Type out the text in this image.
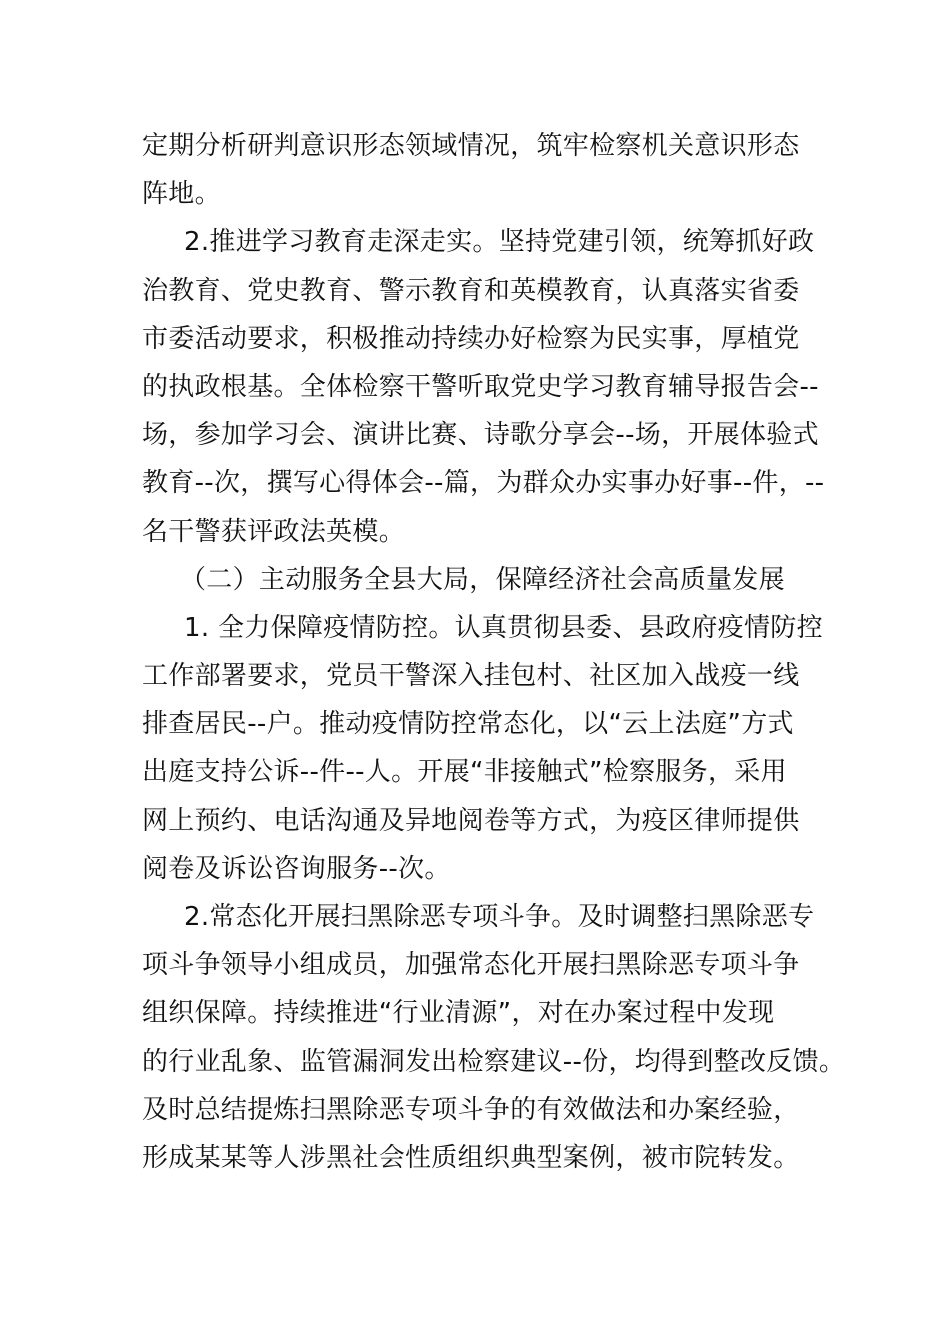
定期分析研判意识形态领域情况，筑牢检察机关意识形态
阵地。
2.推进学习教育走深走实。坚持党建引领，统筹抓好政
治教育、党史教育、警示教育和英模教育，认真落实省委
市委活动要求，积极推动持续办好检察为民实事，厚植党
的执政根基。全体检察干警听取党史学习教育辅导报告会--
场，参加学习会、演讲比赛、诗歌分享会--场，开展体验式
教育--次，撰写心得体会--篇，为群众办实事办好事--件，--
名干警获评政法英模。
（二）主动服务全县大局，保障经济社会高质量发展
1. 全力保障疫情防控。认真贯彻县委、县政府疫情防控
工作部署要求，党员干警深入挂包村、社区加入战疫一线
排查居民--户。推动疫情防控常态化，以“云上法庭”方式
出庭支持公诉--件--人。开展“非接触式”检察服务，采用
网上预约、电话沟通及异地阅卷等方式，为疫区律师提供
阅卷及诉讼咨询服务--次。
2.常态化开展扫黑除恶专项斗争。及时调整扫黑除恶专
项斗争领导小组成员，加强常态化开展扫黑除恶专项斗争
组织保障。持续推进“行业清源”，对在办案过程中发现
的行业乱象、监管漏洞发出检察建议--份，均得到整改反馈。
及时总结提炼扫黑除恶专项斗争的有效做法和办案经验，
形成某某等人涉黑社会性质组织典型案例，被市院转发。
